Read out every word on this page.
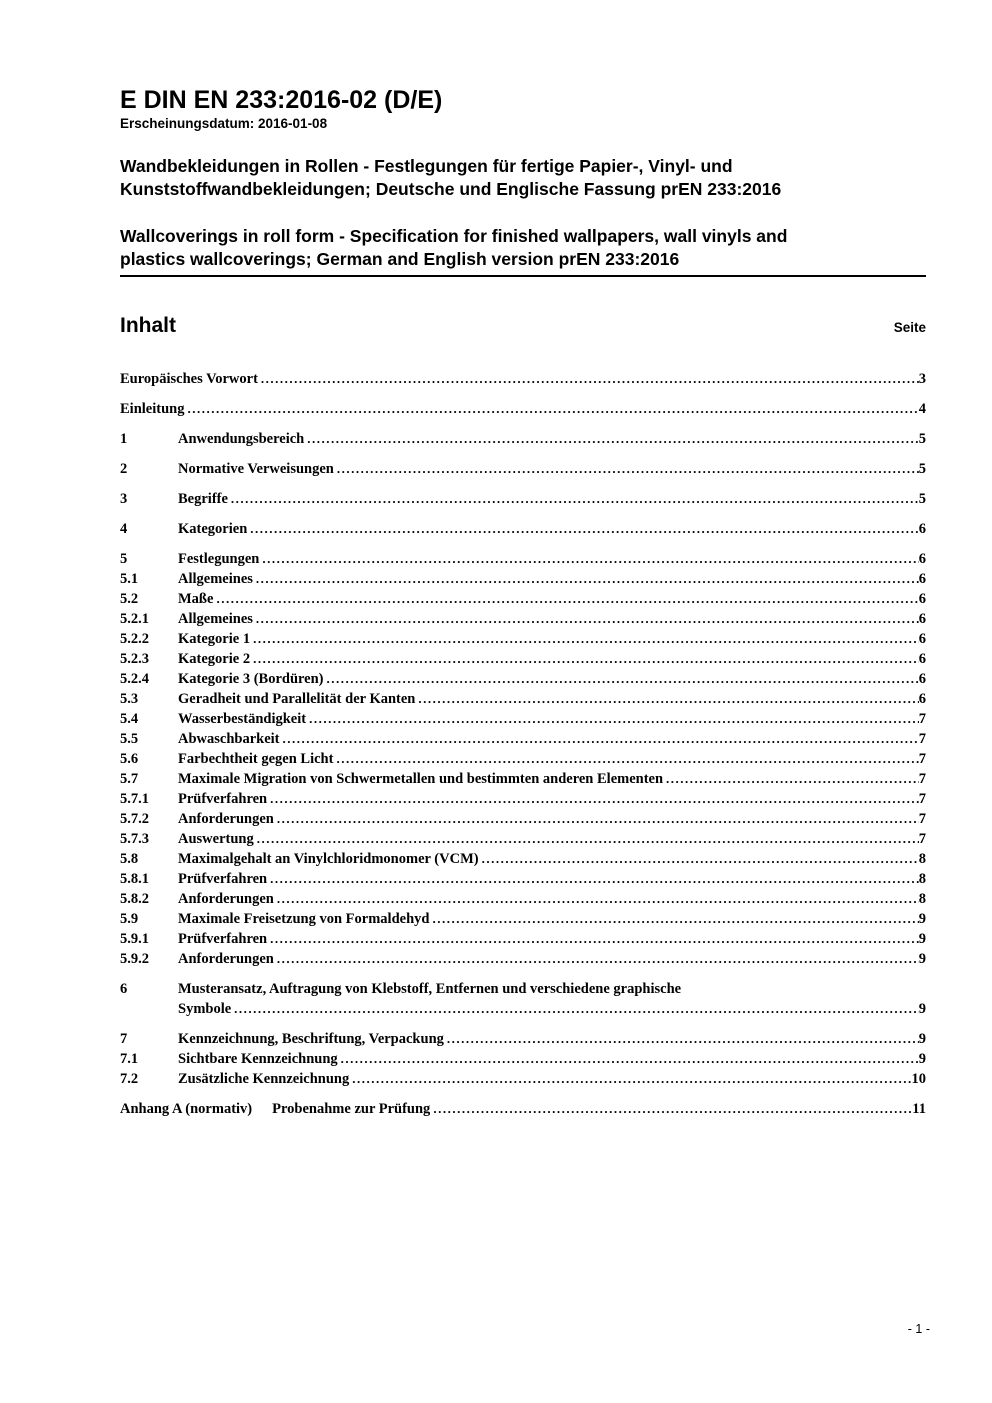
E DIN EN 233:2016-02 (D/E)
Erscheinungsdatum: 2016-01-08
Wandbekleidungen in Rollen - Festlegungen für fertige Papier-, Vinyl- und
Kunststoffwandbekleidungen; Deutsche und Englische Fassung prEN 233:2016
Wallcoverings in roll form - Specification for finished wallpapers, wall vinyls and
plastics wallcoverings; German and English version prEN 233:2016
Inhalt	Seite
Europäisches Vorwort .....	3
Einleitung .....	4
1	Anwendungsbereich .....	5
2	Normative Verweisungen .....	5
3	Begriffe .....	5
4	Kategorien .....	6
5	Festlegungen .....	6
5.1	Allgemeines .....	6
5.2	Maße .....	6
5.2.1	Allgemeines .....	6
5.2.2	Kategorie 1 .....	6
5.2.3	Kategorie 2 .....	6
5.2.4	Kategorie 3 (Bordüren) .....	6
5.3	Geradheit und Parallelität der Kanten .....	6
5.4	Wasserbeständigkeit .....	7
5.5	Abwaschbarkeit .....	7
5.6	Farbechtheit gegen Licht .....	7
5.7	Maximale Migration von Schwermetallen und bestimmten anderen Elementen .....	7
5.7.1	Prüfverfahren .....	7
5.7.2	Anforderungen .....	7
5.7.3	Auswertung .....	7
5.8	Maximalgehalt an Vinylchloridmonomer (VCM) .....	8
5.8.1	Prüfverfahren .....	8
5.8.2	Anforderungen .....	8
5.9	Maximale Freisetzung von Formaldehyd .....	9
5.9.1	Prüfverfahren .....	9
5.9.2	Anforderungen .....	9
6	Musteransatz, Auftragung von Klebstoff, Entfernen und verschiedene graphische
Symbole .....	9
7	Kennzeichnung, Beschriftung, Verpackung .....	9
7.1	Sichtbare Kennzeichnung .....	9
7.2	Zusätzliche Kennzeichnung .....	10
Anhang A (normativ) Probenahme zur Prüfung .....	11
- 1 -
